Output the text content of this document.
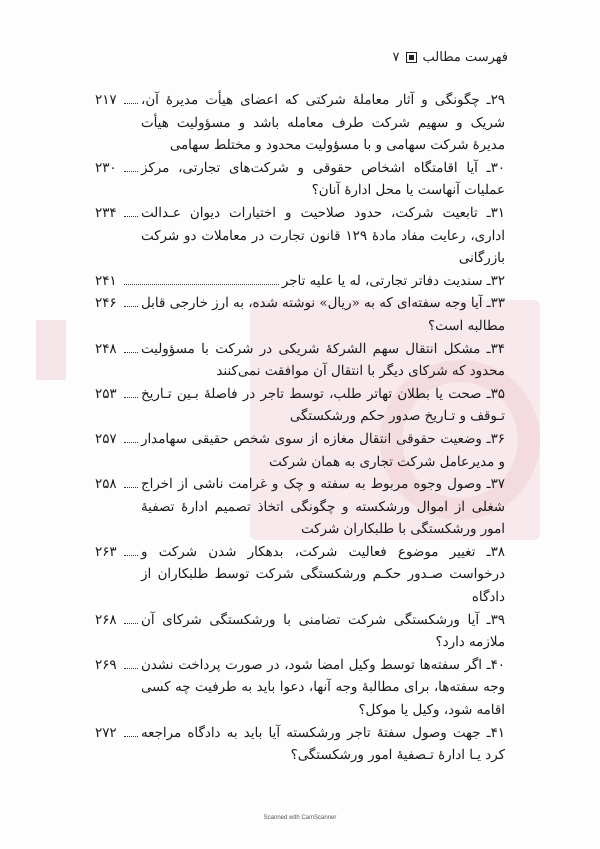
فهرست مطالب
۷
۲۹ـ چگونگی و آثار معاملهٔ شرکتی که اعضای هیأت مدیرهٔ آن، شریک و سهیم شرکت طرف معامله باشد و مسؤولیت هیأت مدیرهٔ شرکت سهامی و با مسؤولیت محدود و مختلط سهامی
۲۱۷
۳۰ـ آیا اقامتگاه اشخاص حقوقی و شرکت‌های تجارتی، مرکز عملیات آنهاست یا محل ادارهٔ آنان؟
۲۳۰
۳۱ـ تابعیت شرکت، حدود صلاحیت و اختیارات دیوان عـدالت اداری، رعایت مفاد مادهٔ ۱۲۹ قانون تجارت در معاملات دو شرکت بازرگانی
۲۳۴
۳۲ـ سندیت دفاتر تجارتی، له یا علیه تاجر
۲۴۱
۳۳ـ آیا وجه سفته‌ای که به «ریال» نوشته شده، به ارز خارجی قابل مطالبه است؟
۲۴۶
۳۴ـ مشکل انتقال سهم الشرکهٔ شریکی در شرکت با مسؤولیت محدود که شرکای دیگر با انتقال آن موافقت نمی‌کنند
۲۴۸
۳۵ـ صحت یا بطلان تهاتر طلب، توسط تاجر در فاصلهٔ بـین تـاریخ تـوقف و تـاریخ صدور حکم ورشکستگی
۲۵۳
۳۶ـ وضعیت حقوقی انتقال مغازه از سوی شخص حقیقی سهامدار و مدیرعامل شرکت تجاری به همان شرکت
۲۵۷
۳۷ـ وصول وجوه مربوط به سفته و چک و غرامت ناشی از اخراج شغلی از اموال ورشکسته و چگونگی اتخاذ تصمیم ادارهٔ تصفیهٔ امور ورشکستگی با طلبکاران شرکت
۲۵۸
۳۸ـ تغییر موضوع فعالیت شرکت، بدهکار شدن شرکت و درخواست صـدور حکـم ورشکستگی شرکت توسط طلبکاران از دادگاه
۲۶۳
۳۹ـ آیا ورشکستگی شرکت تضامنی با ورشکستگی شرکای آن ملازمه دارد؟
۲۶۸
۴۰ـ اگر سفته‌ها توسط وکیل امضا شود، در صورت پرداخت نشدن وجه سفته‌ها، برای مطالبهٔ وجه آنها، دعوا باید به طرفیت چه کسی اقامه شود، وکیل یا موکل؟
۲۶۹
۴۱ـ جهت وصول سفتهٔ تاجر ورشکسته آیا باید به دادگاه مراجعه کرد یـا ادارهٔ تـصفیهٔ امور ورشکستگی؟
۲۷۲
Scanned with CamScanner
